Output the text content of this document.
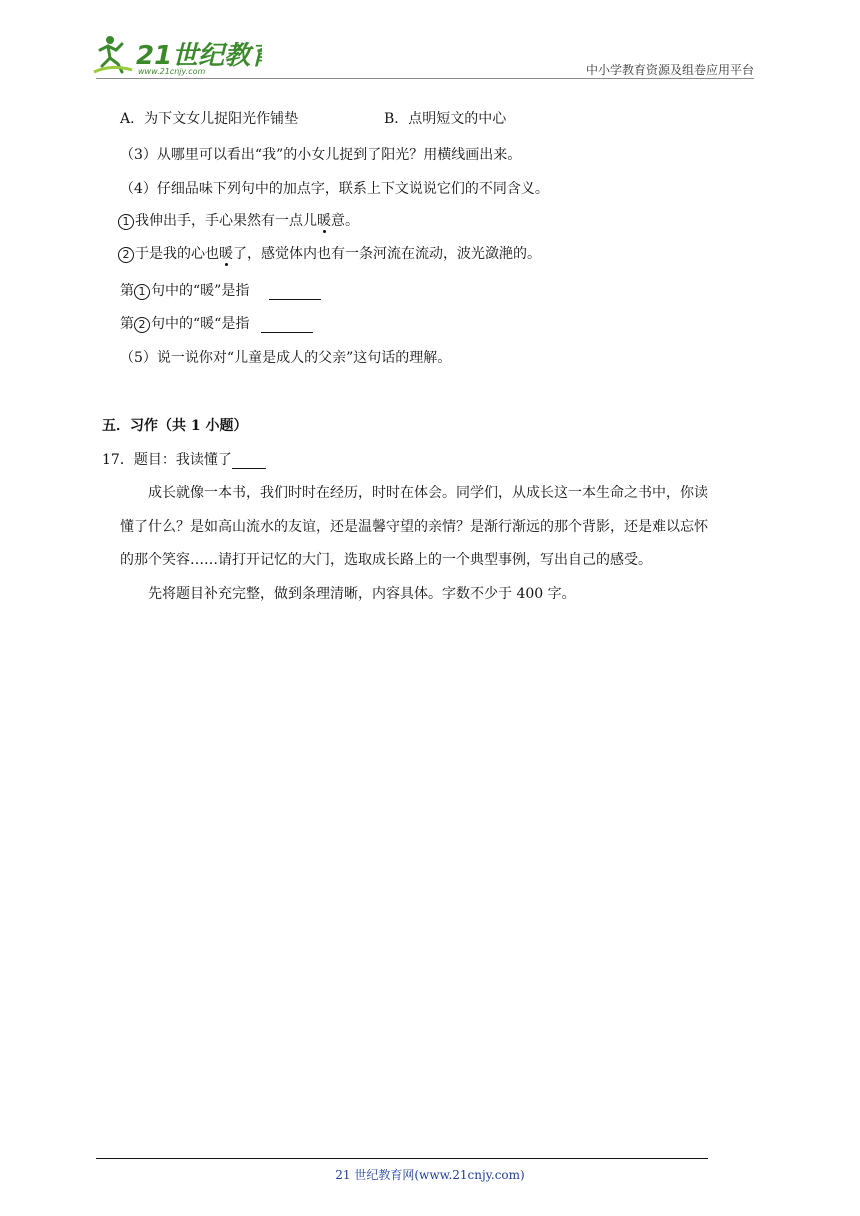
21世纪教
www.21cnjy.com	中小学教育资源及组卷应用平台
A．为下文女儿捉阳光作铺垫	B．点明短文的中心
（3）从哪里可以看出“我”的小女儿捉到了阳光？用横线画出来。
（4）仔细品味下列句中的加点字，联系上下文说说它们的不同含义。
1 我伸出手，手心果然有一点儿暖意。
2 于是我的心也暖了，感觉体内也有一条河流在流动，波光潋滟的。
第 1 句中的“暖”是指
第 2 句中的“暖“是指
（5）说一说你对“儿童是成人的父亲”这句话的理解。
五．习作（共 1 小题）
17．题目：我读懂了
成长就像一本书，我们时时在经历，时时在体会。同学们，从成长这一本生命之书中，你读
懂了什么？是如高山流水的友谊，还是温馨守望的亲情？是渐行渐远的那个背影，还是难以忘怀
的那个笑容……请打开记忆的大门，选取成长路上的一个典型事例，写出自己的感受。
先将题目补充完整，做到条理清晰，内容具体。字数不少于 400 字。
21 世纪教育网(www.21cnjy.com)
